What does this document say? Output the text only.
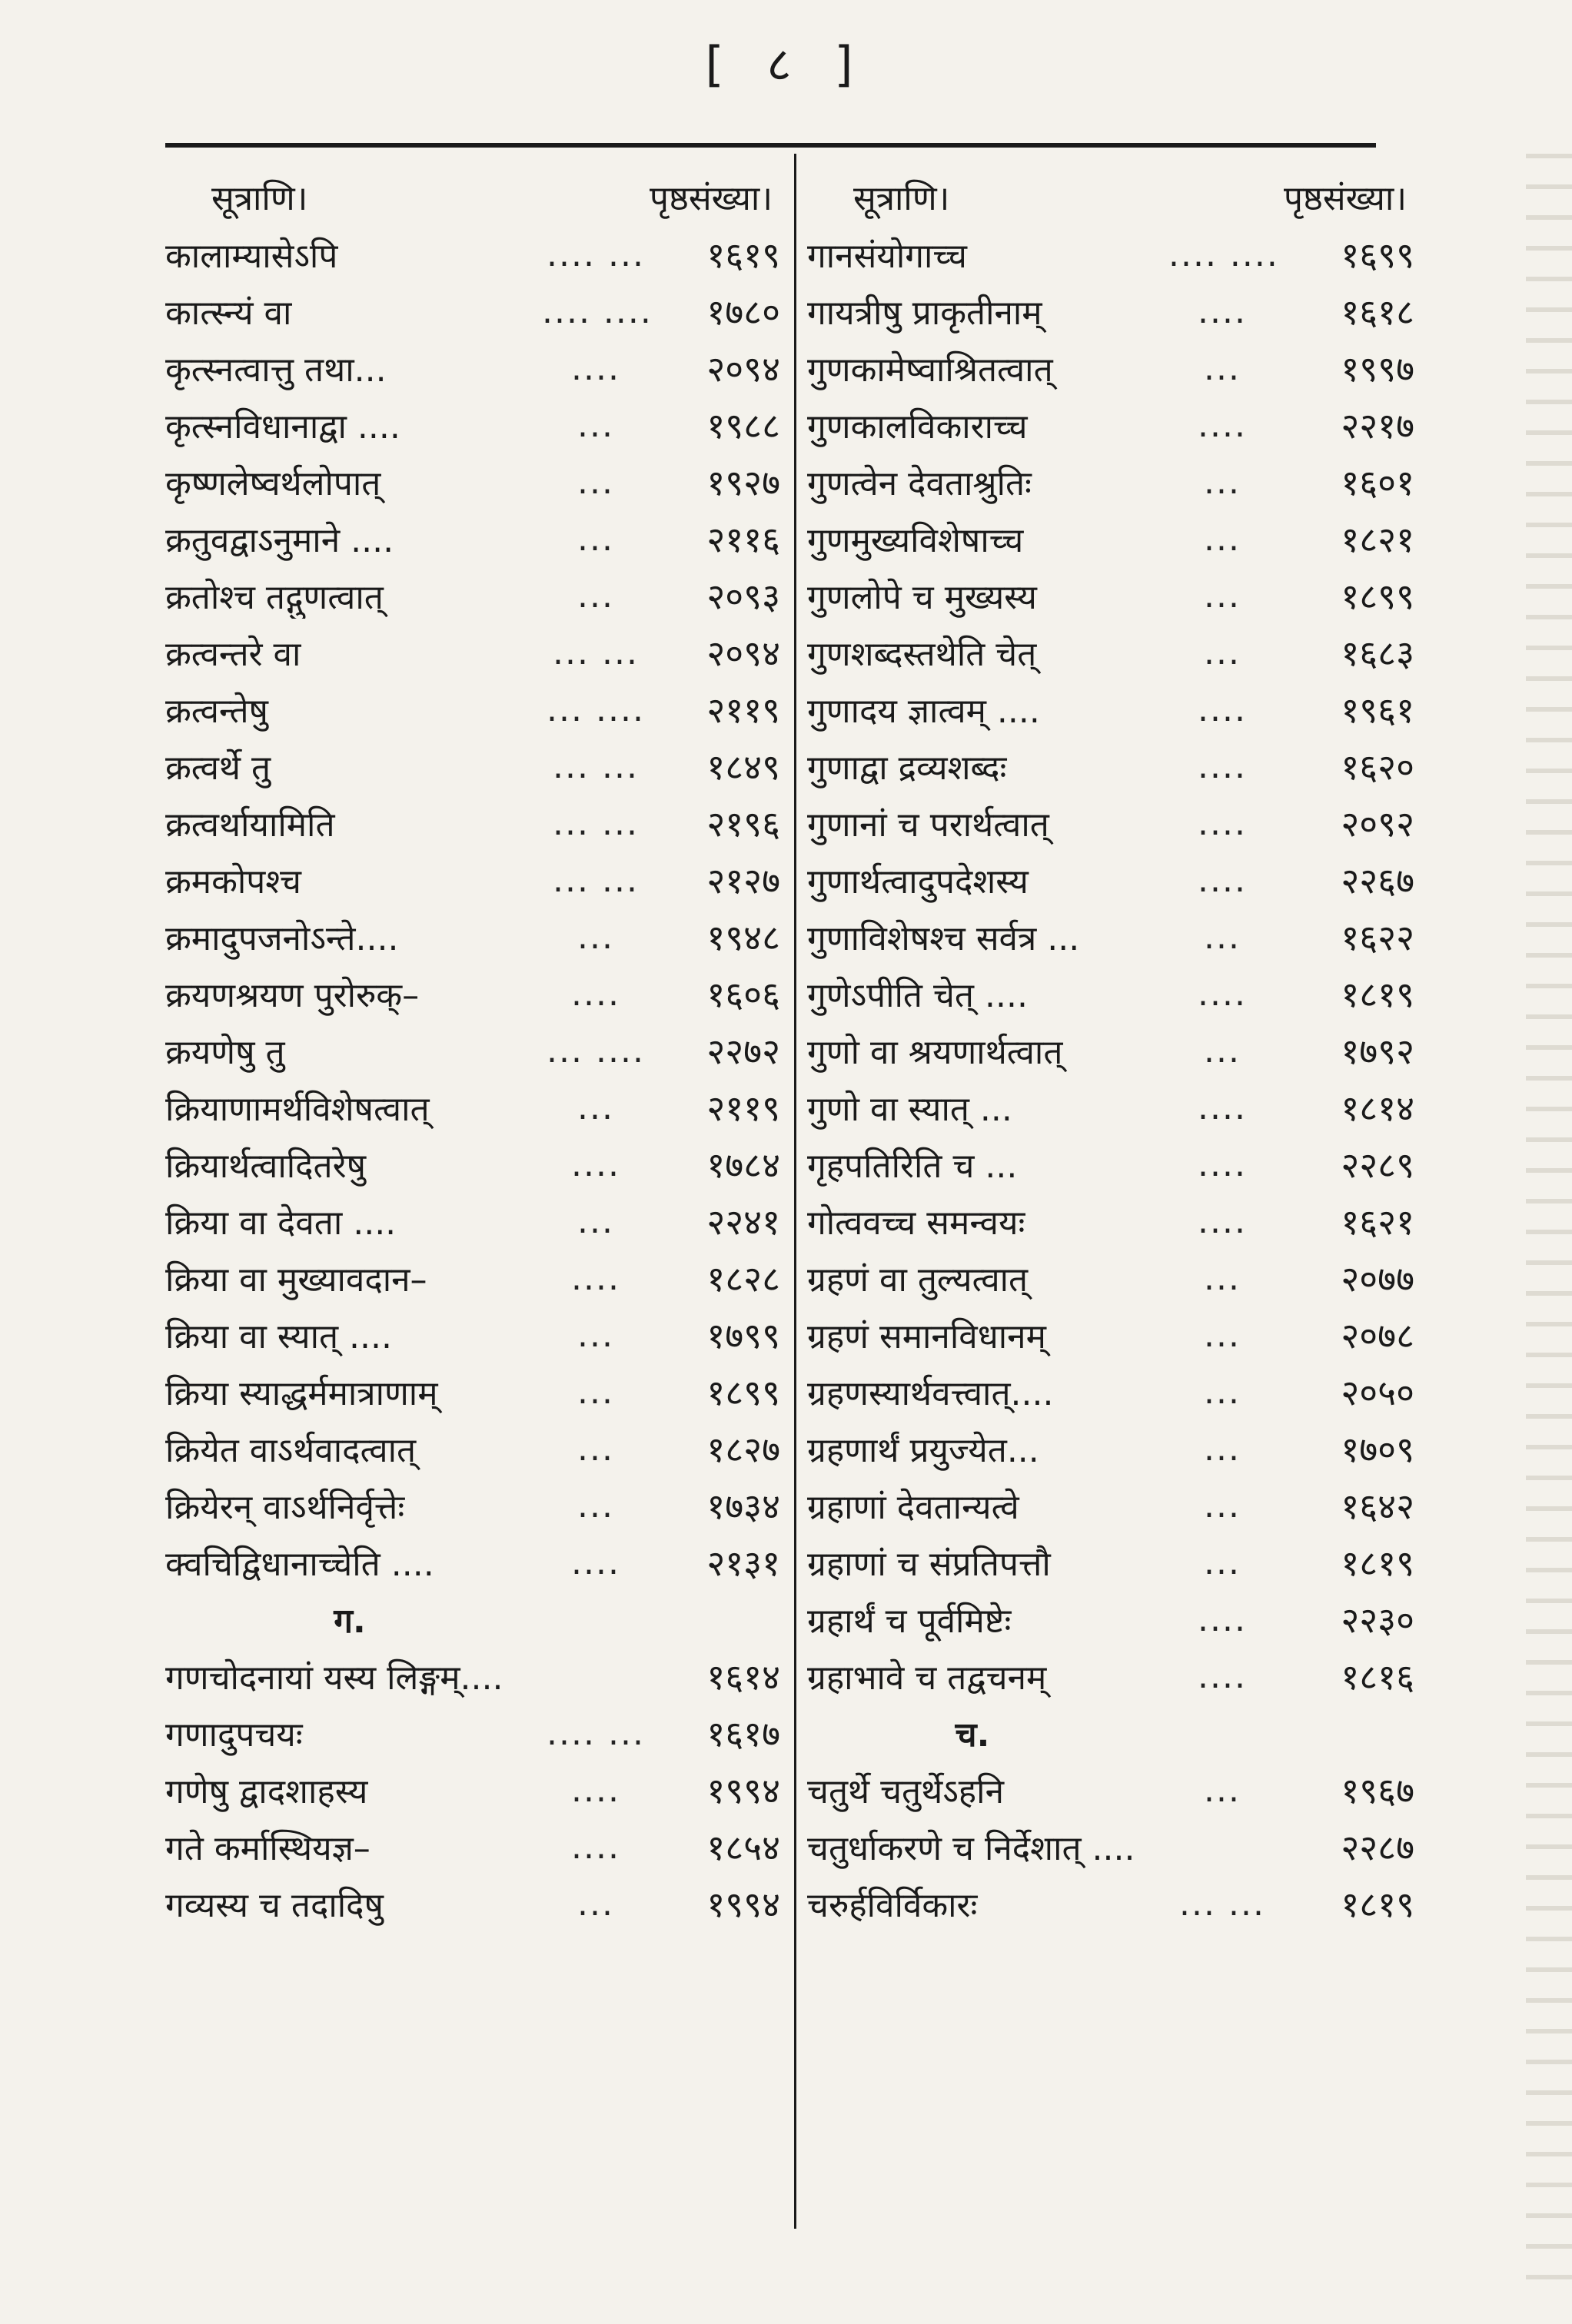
[ ८ ]
सूत्राणि।	पृष्ठसंख्या।
कालाम्यासेऽपि	.... ...	१६१९
कात्स्न्यं वा	.... ....	१७८०
कृत्स्नत्वात्तु तथा...	....	२०९४
कृत्स्नविधानाद्वा ....	...	१९८८
कृष्णलेष्वर्थलोपात्	...	१९२७
क्रतुवद्वाऽनुमाने ....	...	२११६
क्रतोश्च तद्गुणत्वात्	...	२०९३
क्रत्वन्तरे वा	... ...	२०९४
क्रत्वन्तेषु	... ....	२११९
क्रत्वर्थे तु	... ...	१८४९
क्रत्वर्थायामिति	... ...	२१९६
क्रमकोपश्च	... ...	२१२७
क्रमादुपजनोऽन्ते....	...	१९४८
क्रयणश्रयण पुरोरुक्–	....	१६०६
क्रयणेषु तु	... ....	२२७२
क्रियाणामर्थविशेषत्वात्	...	२११९
क्रियार्थत्वादितरेषु	....	१७८४
क्रिया वा देवता ....	...	२२४१
क्रिया वा मुख्यावदान–	....	१८२८
क्रिया वा स्यात् ....	...	१७९९
क्रिया स्याद्धर्ममात्राणाम्	...	१८९९
क्रियेत वाऽर्थवादत्वात्	...	१८२७
क्रियेरन् वाऽर्थनिर्वृत्तेः	...	१७३४
क्वचिद्विधानाच्चेति ....	....	२१३१
ग.
गणचोदनायां यस्य लिङ्गम्....	१६१४
गणादुपचयः	.... ...	१६१७
गणेषु द्वादशाहस्य	....	१९९४
गते कर्मास्थियज्ञ–	....	१८५४
गव्यस्य च तदादिषु	...	१९९४
सूत्राणि।	पृष्ठसंख्या।
गानसंयोगाच्च	.... ....	१६९९
गायत्रीषु प्राकृतीनाम्	....	१६१८
गुणकामेष्वाश्रितत्वात्	...	१९९७
गुणकालविकाराच्च	....	२२१७
गुणत्वेन देवताश्रुतिः	...	१६०१
गुणमुख्यविशेषाच्च	...	१८२१
गुणलोपे च मुख्यस्य	...	१८९९
गुणशब्दस्तथेति चेत्	...	१६८३
गुणादय ज्ञात्वम् ....	....	१९६१
गुणाद्वा द्रव्यशब्दः	....	१६२०
गुणानां च परार्थत्वात्	....	२०९२
गुणार्थत्वादुपदेशस्य	....	२२६७
गुणाविशेषश्च सर्वत्र ...	...	१६२२
गुणेऽपीति चेत् ....	....	१८१९
गुणो वा श्रयणार्थत्वात्	...	१७९२
गुणो वा स्यात् ...	....	१८१४
गृहपतिरिति च ...	....	२२८९
गोत्ववच्च समन्वयः	....	१६२१
ग्रहणं वा तुल्यत्वात्	...	२०७७
ग्रहणं समानविधानम्	...	२०७८
ग्रहणस्यार्थवत्त्वात्....	...	२०५०
ग्रहणार्थं प्रयुज्येत...	...	१७०९
ग्रहाणां देवतान्यत्वे	...	१६४२
ग्रहाणां च संप्रतिपत्तौ	...	१८१९
ग्रहार्थं च पूर्वमिष्टेः	....	२२३०
ग्रहाभावे च तद्वचनम्	....	१८१६
च.
चतुर्थे चतुर्थेऽहनि	...	१९६७
चतुर्धाकरणे च निर्देशात् ....	२२८७
चरुर्हविर्विकारः	... ...	१८१९
